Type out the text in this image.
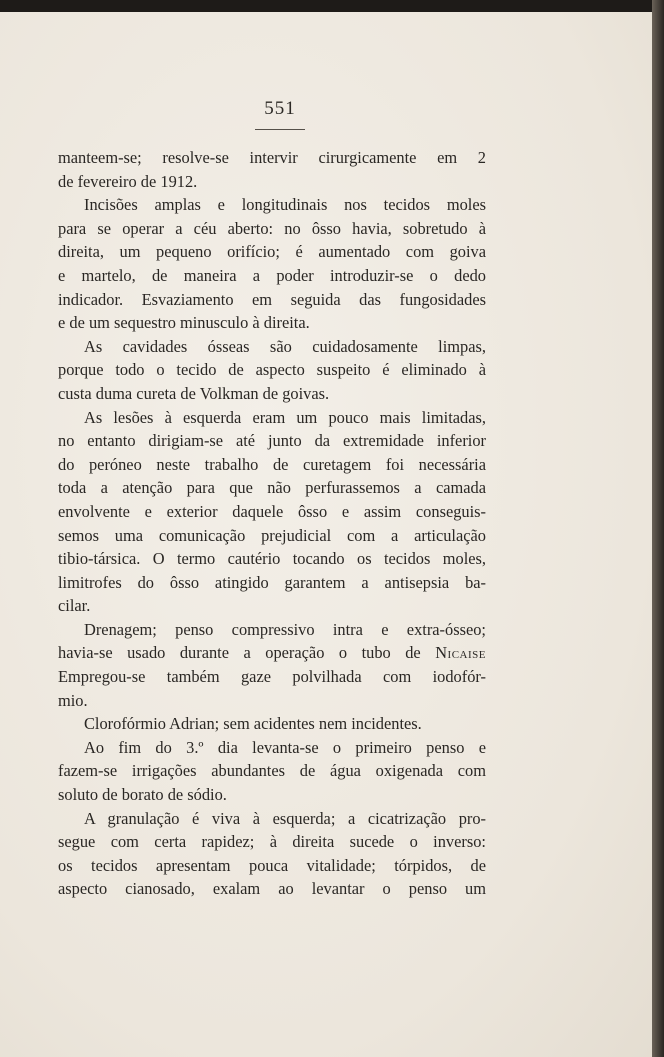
551
manteem-se; resolve-se intervir cirurgicamente em 2
de fevereiro de 1912.
Incisões amplas e longitudinais nos tecidos moles
para se operar a céu aberto: no ôsso havia, sobretudo à
direita, um pequeno orifício; é aumentado com goiva
e martelo, de maneira a poder introduzir-se o dedo
indicador. Esvaziamento em seguida das fungosidades
e de um sequestro minusculo à direita.
As cavidades ósseas são cuidadosamente limpas,
porque todo o tecido de aspecto suspeito é eliminado à
custa duma cureta de Volkman de goivas.
As lesões à esquerda eram um pouco mais limitadas,
no entanto dirigiam-se até junto da extremidade inferior
do peróneo neste trabalho de curetagem foi necessária
toda a atenção para que não perfurassemos a camada
envolvente e exterior daquele ôsso e assim conseguis-
semos uma comunicação prejudicial com a articulação
tibio-társica. O termo cautério tocando os tecidos moles,
limitrofes do ôsso atingido garantem a antisepsia ba-
cilar.
Drenagem; penso compressivo intra e extra-ósseo;
havia-se usado durante a operação o tubo de Nicaise
Empregou-se também gaze polvilhada com iodofór-
mio.
Clorofórmio Adrian; sem acidentes nem incidentes.
Ao fim do 3.º dia levanta-se o primeiro penso e
fazem-se irrigações abundantes de água oxigenada com
soluto de borato de sódio.
A granulação é viva à esquerda; a cicatrização pro-
segue com certa rapidez; à direita sucede o inverso:
os tecidos apresentam pouca vitalidade; tórpidos, de
aspecto cianosado, exalam ao levantar o penso um
